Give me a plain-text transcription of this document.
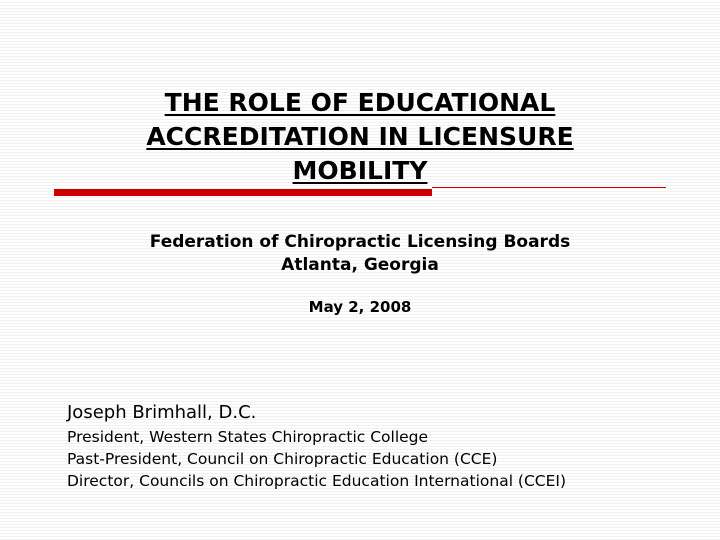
THE ROLE OF EDUCATIONAL
ACCREDITATION IN LICENSURE
MOBILITY
Federation of Chiropractic Licensing Boards
Atlanta, Georgia
May 2, 2008
Joseph Brimhall, D.C.
President, Western States Chiropractic College
Past-President, Council on Chiropractic Education (CCE)
Director, Councils on Chiropractic Education International (CCEI)
